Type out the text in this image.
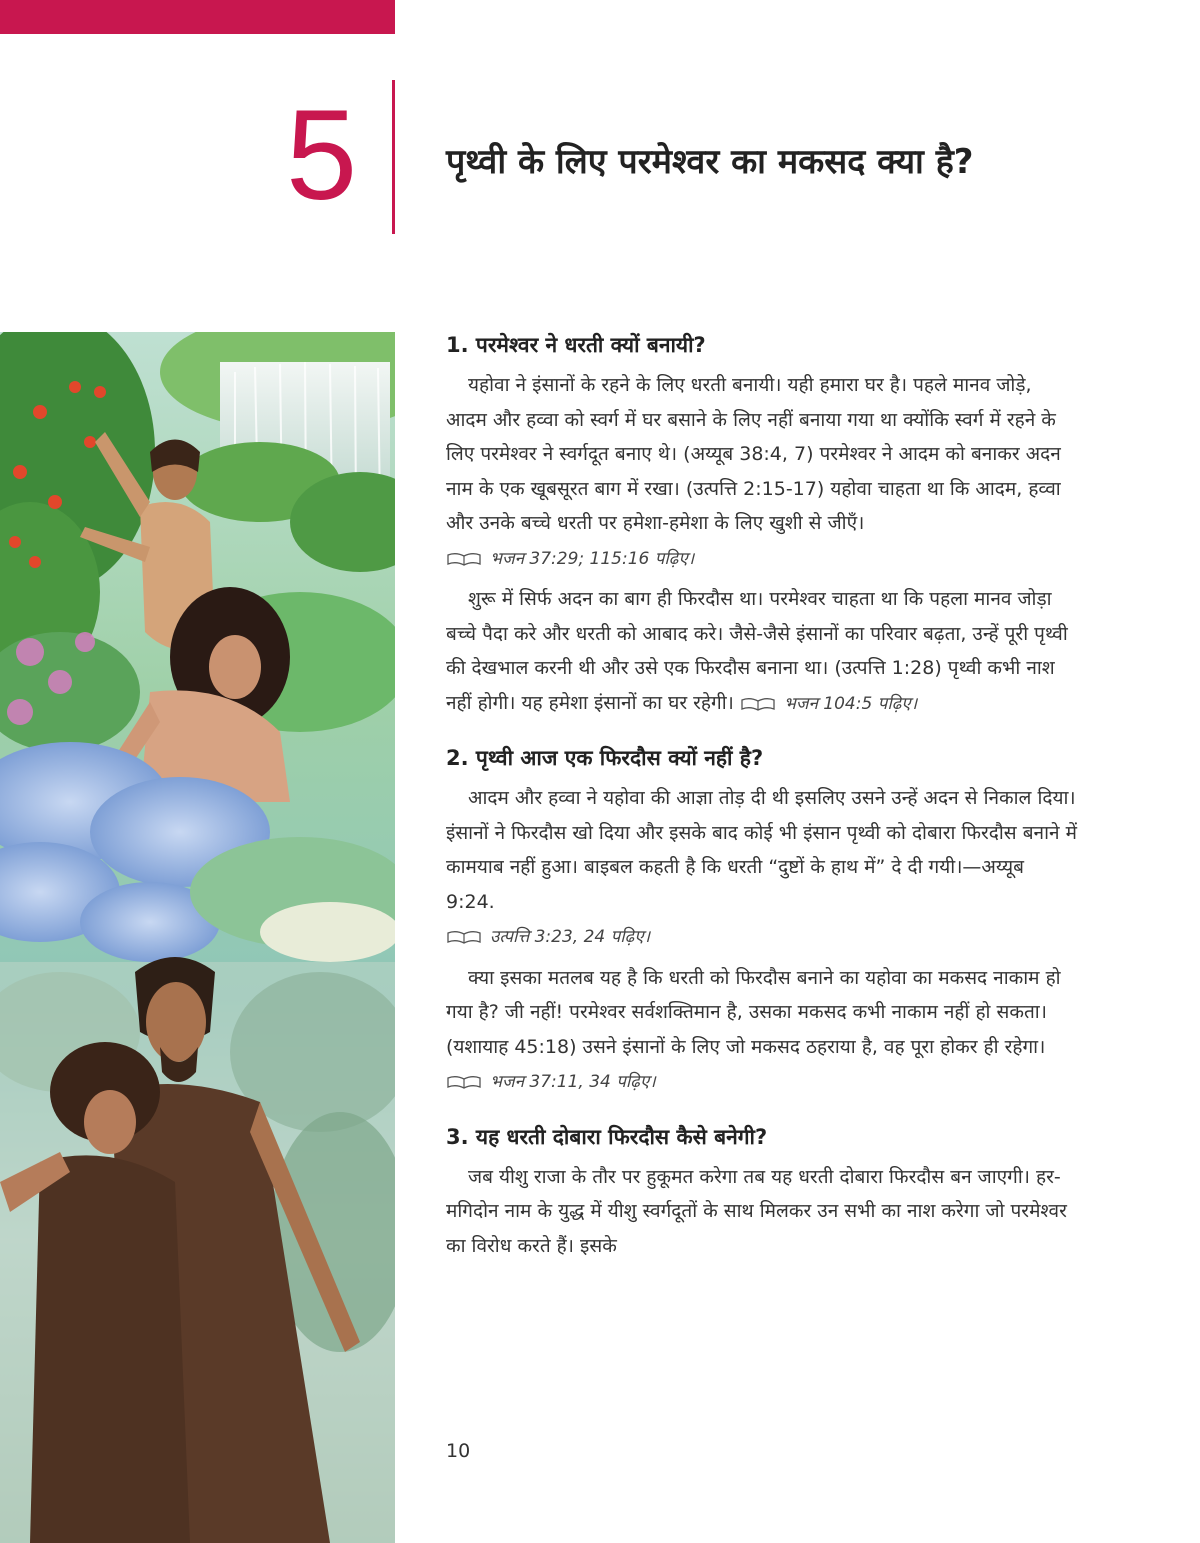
5	पृथ्वी के लिए परमेश्वर का मकसद क्या है?
1. परमेश्वर ने धरती क्यों बनायी?

यहोवा ने इंसानों के रहने के लिए धरती बनायी। यही हमारा घर है। पहले मानव जोड़े, आदम और हव्वा को स्वर्ग में घर बसाने के लिए नहीं बनाया गया था क्योंकि स्वर्ग में रहने के लिए परमेश्वर ने स्वर्गदूत बनाए थे। (अय्यूब 38:4, 7) परमेश्वर ने आदम को बनाकर अदन नाम के एक खूबसूरत बाग में रखा। (उत्पत्ति 2:15-17) यहोवा चाहता था कि आदम, हव्वा और उनके बच्चे धरती पर हमेशा-हमेशा के लिए खुशी से जीएँ।
भजन 37:29; 115:16 पढ़िए।

शुरू में सिर्फ अदन का बाग ही फिरदौस था। परमेश्वर चाहता था कि पहला मानव जोड़ा बच्चे पैदा करे और धरती को आबाद करे। जैसे-जैसे इंसानों का परिवार बढ़ता, उन्हें पूरी पृथ्वी की देखभाल करनी थी और उसे एक फिरदौस बनाना था। (उत्पत्ति 1:28) पृथ्वी कभी नाश नहीं होगी। यह हमेशा इंसानों का घर रहेगी।	भजन 104:5 पढ़िए।

2. पृथ्वी आज एक फिरदौस क्यों नहीं है?

आदम और हव्वा ने यहोवा की आज्ञा तोड़ दी थी इसलिए उसने उन्हें अदन से निकाल दिया। इंसानों ने फिरदौस खो दिया और इसके बाद कोई भी इंसान पृथ्वी को दोबारा फिरदौस बनाने में कामयाब नहीं हुआ। बाइबल कहती है कि धरती “दुष्टों के हाथ में” दे दी गयी।—अय्यूब 9:24.
उत्पत्ति 3:23, 24 पढ़िए।

क्या इसका मतलब यह है कि धरती को फिरदौस बनाने का यहोवा का मकसद नाकाम हो गया है? जी नहीं! परमेश्वर सर्वशक्तिमान है, उसका मकसद कभी नाकाम नहीं हो सकता। (यशायाह 45:18) उसने इंसानों के लिए जो मकसद ठहराया है, वह पूरा होकर ही रहेगा।
भजन 37:11, 34 पढ़िए।

3. यह धरती दोबारा फिरदौस कैसे बनेगी?

जब यीशु राजा के तौर पर हुकूमत करेगा तब यह धरती दोबारा फिरदौस बन जाएगी। हर-मगिदोन नाम के युद्ध में यीशु स्वर्गदूतों के साथ मिलकर उन सभी का नाश करेगा जो परमेश्वर का विरोध करते हैं। इसके

10
